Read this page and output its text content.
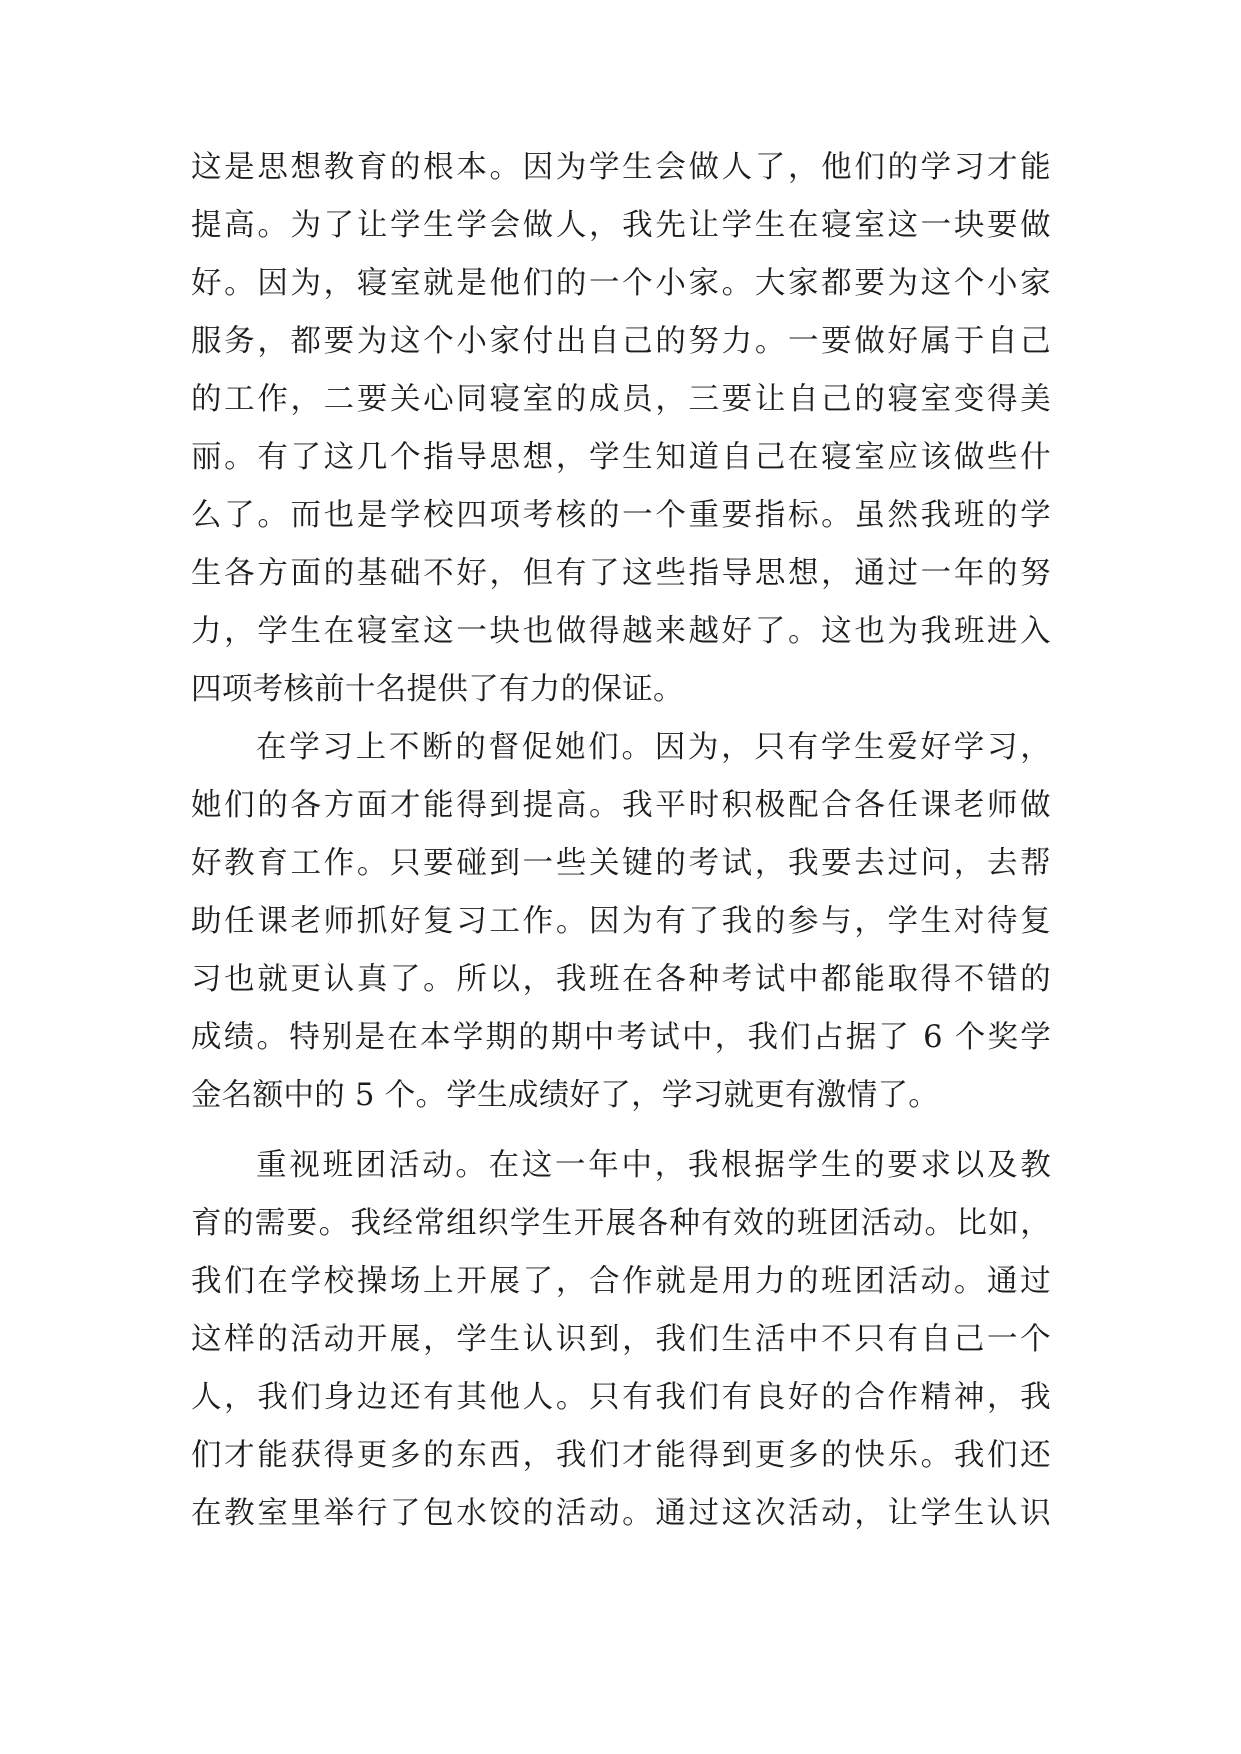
这是思想教育的根本。因为学生会做人了，他们的学习才能
提高。为了让学生学会做人，我先让学生在寝室这一块要做
好。因为，寝室就是他们的一个小家。大家都要为这个小家
服务，都要为这个小家付出自己的努力。一要做好属于自己
的工作，二要关心同寝室的成员，三要让自己的寝室变得美
丽。有了这几个指导思想，学生知道自己在寝室应该做些什
么了。而也是学校四项考核的一个重要指标。虽然我班的学
生各方面的基础不好，但有了这些指导思想，通过一年的努
力，学生在寝室这一块也做得越来越好了。这也为我班进入
四项考核前十名提供了有力的保证。
在学习上不断的督促她们。因为，只有学生爱好学习，
她们的各方面才能得到提高。我平时积极配合各任课老师做
好教育工作。只要碰到一些关键的考试，我要去过问，去帮
助任课老师抓好复习工作。因为有了我的参与，学生对待复
习也就更认真了。所以，我班在各种考试中都能取得不错的
成绩。特别是在本学期的期中考试中，我们占据了 6 个奖学
金名额中的 5 个。学生成绩好了，学习就更有激情了。
重视班团活动。在这一年中，我根据学生的要求以及教
育的需要。我经常组织学生开展各种有效的班团活动。比如，
我们在学校操场上开展了，合作就是用力的班团活动。通过
这样的活动开展，学生认识到，我们生活中不只有自己一个
人，我们身边还有其他人。只有我们有良好的合作精神，我
们才能获得更多的东西，我们才能得到更多的快乐。我们还
在教室里举行了包水饺的活动。通过这次活动，让学生认识
